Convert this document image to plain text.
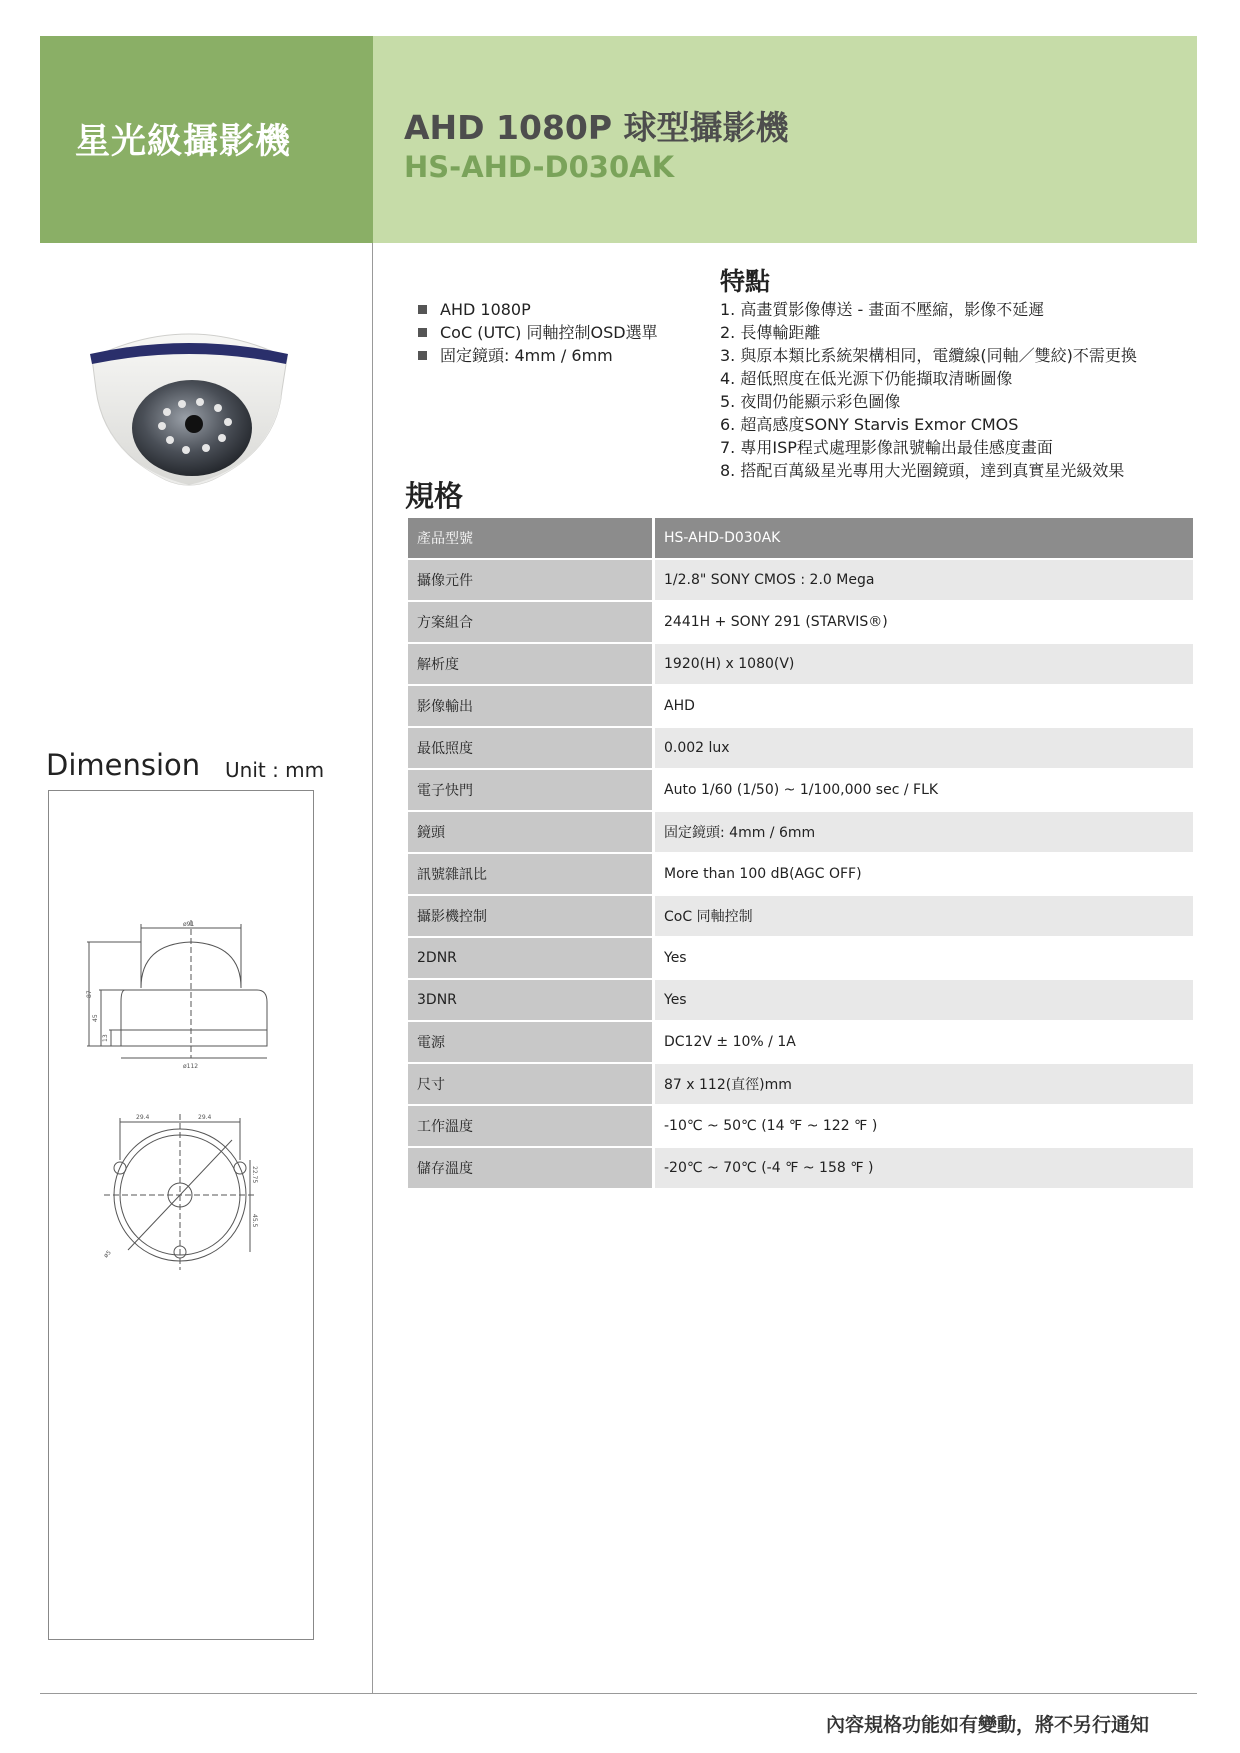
星光級攝影機	AHD 1080P 球型攝影機
HS-AHD-D030AK
Dimension Unit : mm
ø91
87
45
13
ø112
29.4	29.4
22.75
45.5
ø5
AHD 1080P
CoC (UTC) 同軸控制OSD選單
固定鏡頭: 4mm / 6mm
特點
1. 高畫質影像傳送 - 畫面不壓縮，影像不延遲
2. 長傳輸距離
3. 與原本類比系統架構相同，電纜線(同軸／雙絞)不需更換
4. 超低照度在低光源下仍能擷取清晰圖像
5. 夜間仍能顯示彩色圖像
6. 超高感度SONY Starvis Exmor CMOS
7. 專用ISP程式處理影像訊號輸出最佳感度畫面
8. 搭配百萬級星光專用大光圈鏡頭，達到真實星光級效果
規格
產品型號	HS-AHD-D030AK
攝像元件	1/2.8" SONY CMOS : 2.0 Mega
方案組合	2441H + SONY 291 (STARVIS®)
解析度	1920(H) x 1080(V)
影像輸出	AHD
最低照度	0.002 lux
電子快門	Auto 1/60 (1/50) ~ 1/100,000 sec / FLK
鏡頭	固定鏡頭: 4mm / 6mm
訊號雜訊比	More than 100 dB(AGC OFF)
攝影機控制	CoC 同軸控制
2DNR	Yes
3DNR	Yes
電源	DC12V ± 10% / 1A
尺寸	87 x 112(直徑)mm
工作溫度	-10℃ ~ 50℃ (14 ℉ ~ 122 ℉ )
儲存溫度	-20℃ ~ 70℃ (-4 ℉ ~ 158 ℉ )
內容規格功能如有變動，將不另行通知
